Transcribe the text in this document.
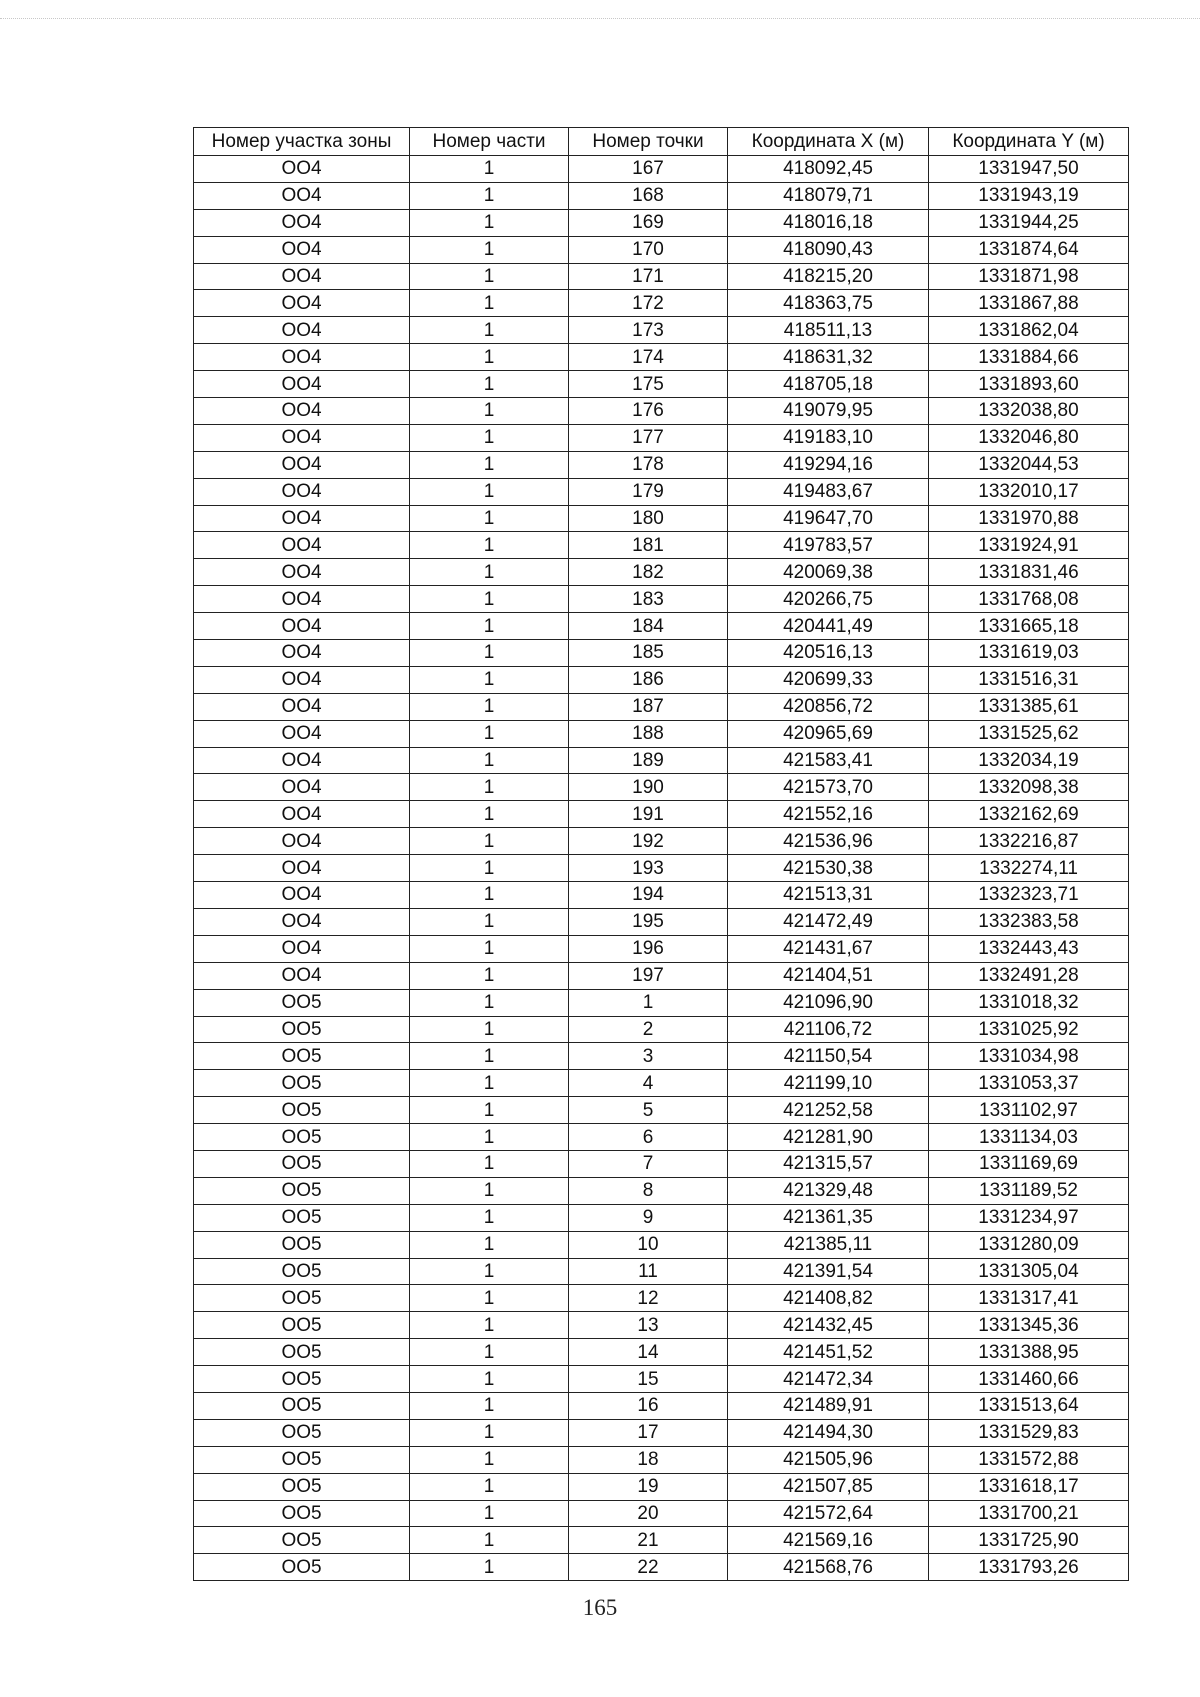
Номер участка зоны	Номер части	Номер точки	Координата X (м)	Координата Y (м)
OO4	1	167	418092,45	1331947,50
OO4	1	168	418079,71	1331943,19
OO4	1	169	418016,18	1331944,25
OO4	1	170	418090,43	1331874,64
OO4	1	171	418215,20	1331871,98
OO4	1	172	418363,75	1331867,88
OO4	1	173	418511,13	1331862,04
OO4	1	174	418631,32	1331884,66
OO4	1	175	418705,18	1331893,60
OO4	1	176	419079,95	1332038,80
OO4	1	177	419183,10	1332046,80
OO4	1	178	419294,16	1332044,53
OO4	1	179	419483,67	1332010,17
OO4	1	180	419647,70	1331970,88
OO4	1	181	419783,57	1331924,91
OO4	1	182	420069,38	1331831,46
OO4	1	183	420266,75	1331768,08
OO4	1	184	420441,49	1331665,18
OO4	1	185	420516,13	1331619,03
OO4	1	186	420699,33	1331516,31
OO4	1	187	420856,72	1331385,61
OO4	1	188	420965,69	1331525,62
OO4	1	189	421583,41	1332034,19
OO4	1	190	421573,70	1332098,38
OO4	1	191	421552,16	1332162,69
OO4	1	192	421536,96	1332216,87
OO4	1	193	421530,38	1332274,11
OO4	1	194	421513,31	1332323,71
OO4	1	195	421472,49	1332383,58
OO4	1	196	421431,67	1332443,43
OO4	1	197	421404,51	1332491,28
OO5	1	1	421096,90	1331018,32
OO5	1	2	421106,72	1331025,92
OO5	1	3	421150,54	1331034,98
OO5	1	4	421199,10	1331053,37
OO5	1	5	421252,58	1331102,97
OO5	1	6	421281,90	1331134,03
OO5	1	7	421315,57	1331169,69
OO5	1	8	421329,48	1331189,52
OO5	1	9	421361,35	1331234,97
OO5	1	10	421385,11	1331280,09
OO5	1	11	421391,54	1331305,04
OO5	1	12	421408,82	1331317,41
OO5	1	13	421432,45	1331345,36
OO5	1	14	421451,52	1331388,95
OO5	1	15	421472,34	1331460,66
OO5	1	16	421489,91	1331513,64
OO5	1	17	421494,30	1331529,83
OO5	1	18	421505,96	1331572,88
OO5	1	19	421507,85	1331618,17
OO5	1	20	421572,64	1331700,21
OO5	1	21	421569,16	1331725,90
OO5	1	22	421568,76	1331793,26
165
